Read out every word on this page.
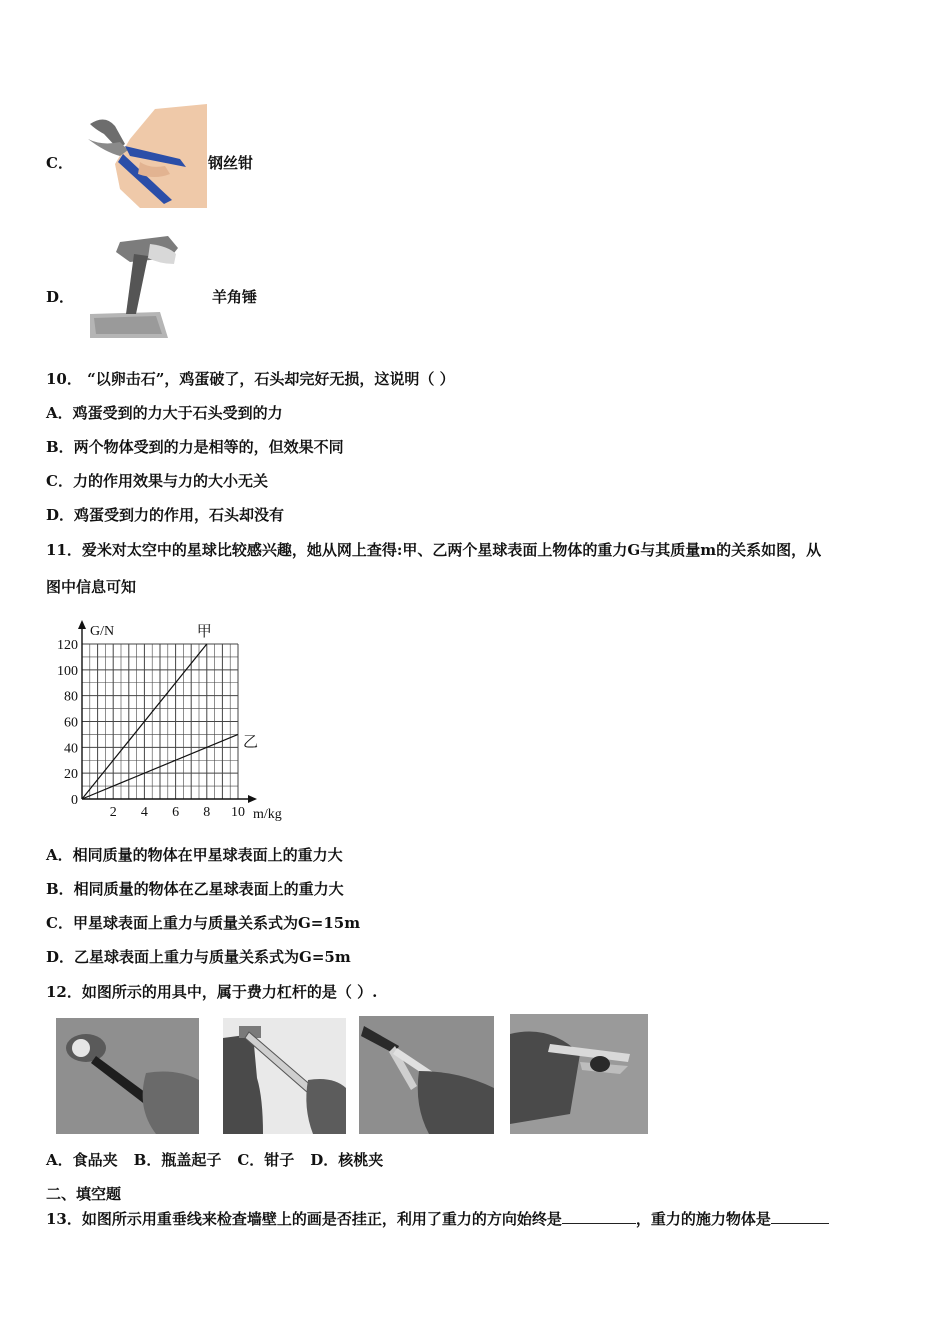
C．	钢丝钳
D．	羊角锤
10． “以卵击石”，鸡蛋破了，石头却完好无损，这说明（ ）
A．鸡蛋受到的力大于石头受到的力
B．两个物体受到的力是相等的，但效果不同
C．力的作用效果与力的大小无关
D．鸡蛋受到力的作用，石头却没有
11．爱米对太空中的星球比较感兴趣，她从网上查得:甲、乙两个星球表面上物体的重力G与其质量m的关系如图，从
图中信息可知
0
20
40
60
80
100
120
2 4 6 8 10
G/N
m/kg
甲
乙
A．相同质量的物体在甲星球表面上的重力大
B．相同质量的物体在乙星球表面上的重力大
C．甲星球表面上重力与质量关系式为G=15m
D．乙星球表面上重力与质量关系式为G=5m
12．如图所示的用具中，属于费力杠杆的是（ ）.
A．食品夹 B．瓶盖起子 C．钳子 D．核桃夹
二、填空题
13．如图所示用重垂线来检查墙壁上的画是否挂正，利用了重力的方向始终是	，重力的施力物体是
